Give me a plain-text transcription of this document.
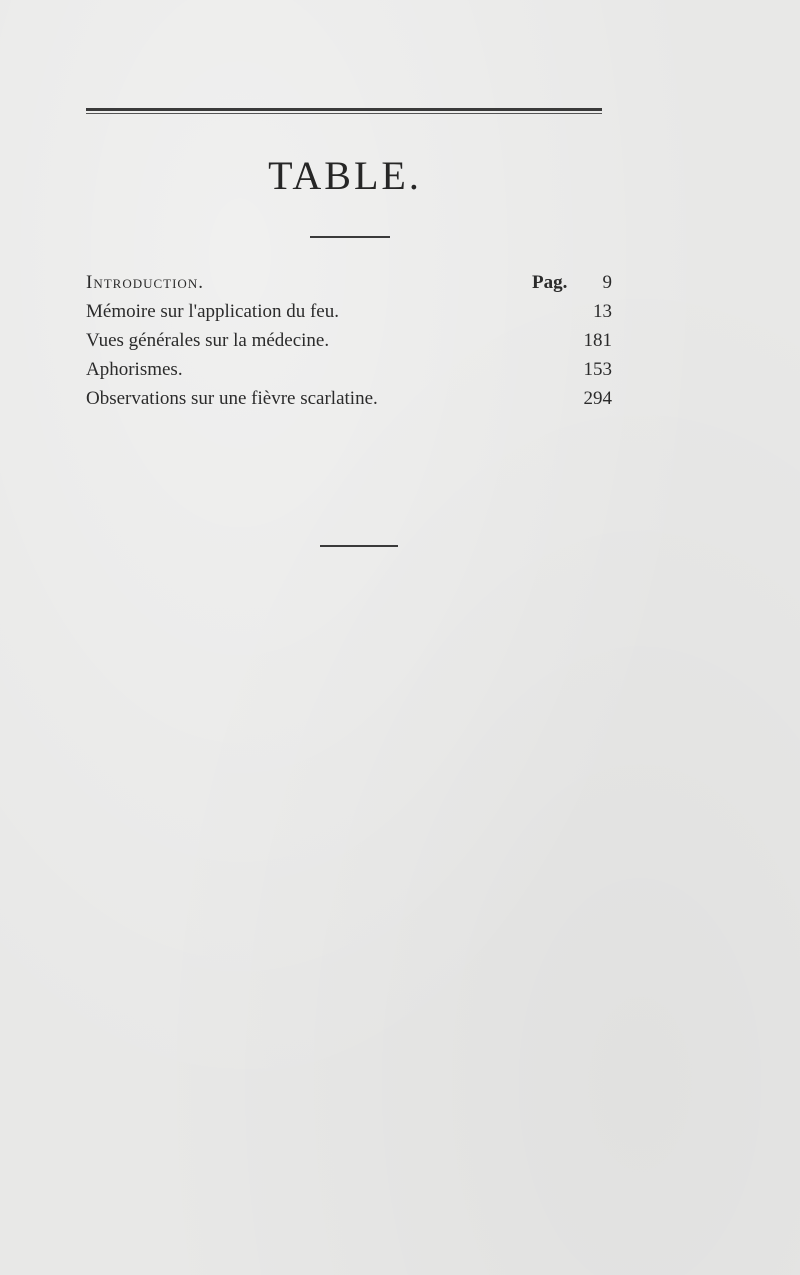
TABLE.
Introduction.	Pag. 9
Mémoire sur l'application du feu.	13
Vues générales sur la médecine.	181
Aphorismes.	153
Observations sur une fièvre scarlatine.	294
